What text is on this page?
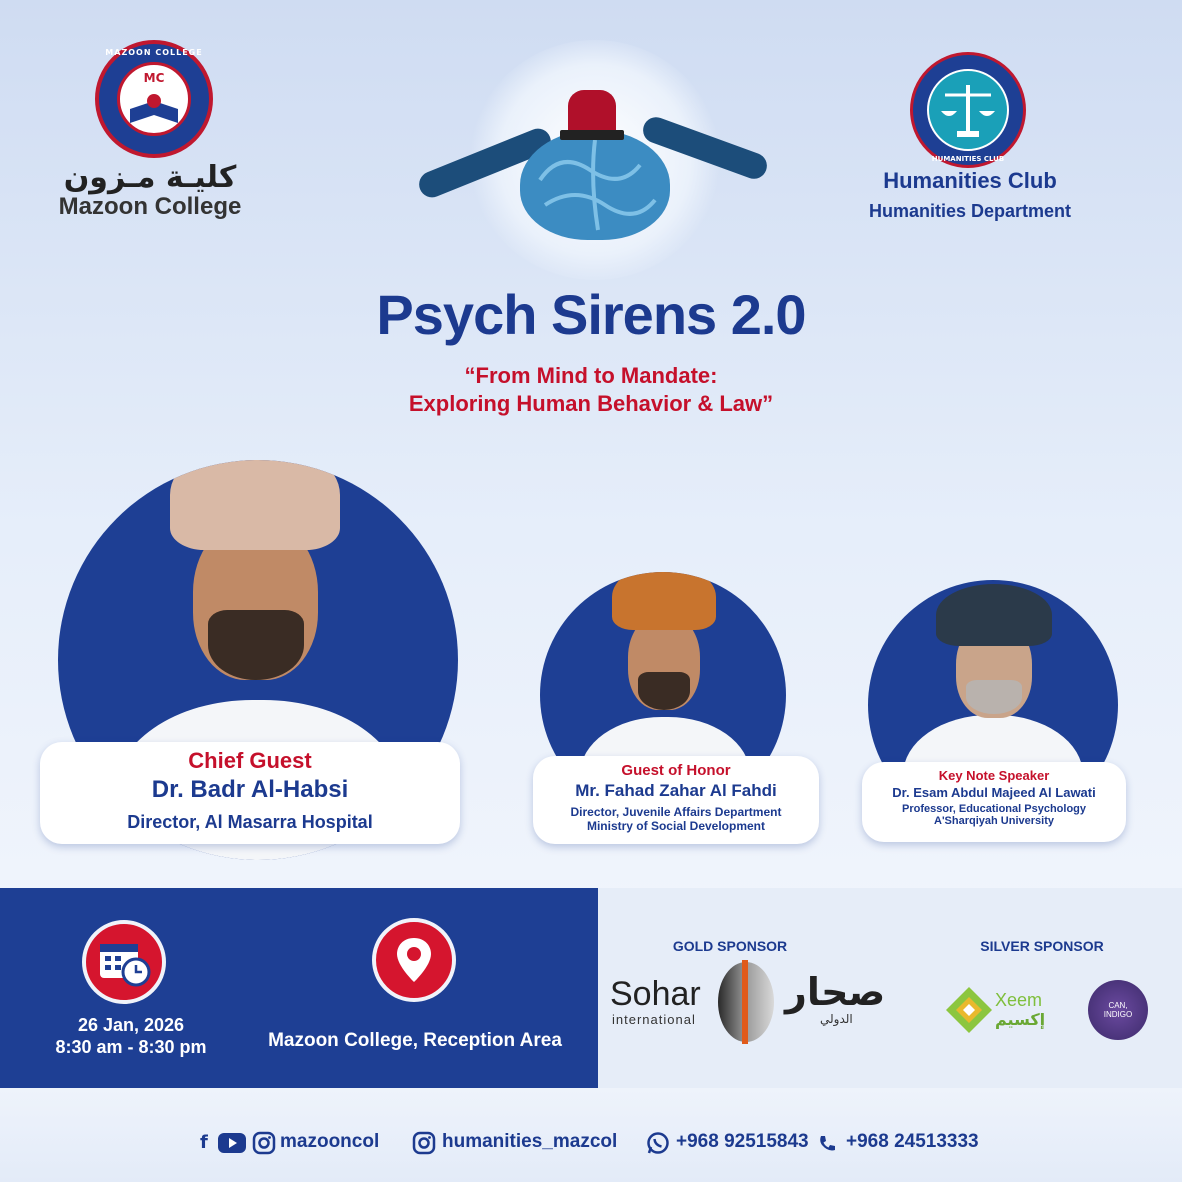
MAZOON COLLEGE
MC
كليـة مـزون
Mazoon College
HUMANITIES CLUB
Humanities Club
Humanities Department
Psych Sirens 2.0
“From Mind to Mandate:
Exploring Human Behavior & Law”
Chief Guest
Dr. Badr Al-Habsi
Director, Al Masarra Hospital
Guest of Honor
Mr. Fahad Zahar Al Fahdi
Director, Juvenile Affairs Department
Ministry of Social Development
Key Note Speaker
Dr. Esam Abdul Majeed Al Lawati
Professor, Educational Psychology
A'Sharqiyah University
26 Jan, 2026
8:30 am - 8:30 pm	Mazoon College, Reception Area
GOLD SPONSOR	SILVER SPONSOR
Sohar
international
صحار
الدولي
Xeem
إكسيم
CAN,
INDIGO
f	mazooncol	humanities_mazcol	+968 92515843 +968 24513333
